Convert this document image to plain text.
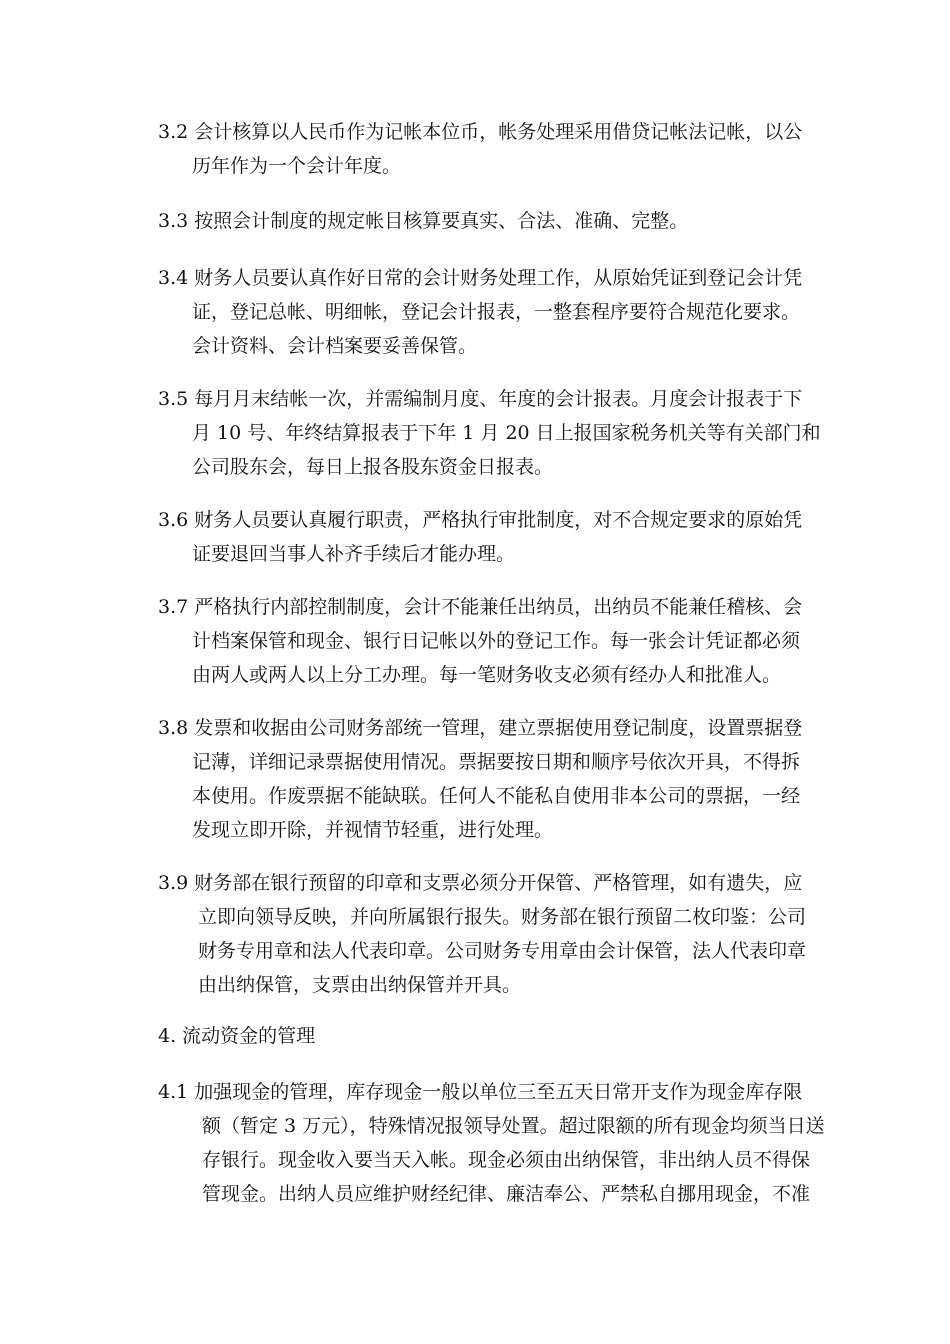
3.2 会计核算以人民币作为记帐本位币，帐务处理采用借贷记帐法记帐，以公
历年作为一个会计年度。
3.3 按照会计制度的规定帐目核算要真实、合法、准确、完整。
3.4 财务人员要认真作好日常的会计财务处理工作，从原始凭证到登记会计凭
证，登记总帐、明细帐，登记会计报表，一整套程序要符合规范化要求。
会计资料、会计档案要妥善保管。
3.5 每月月末结帐一次，并需编制月度、年度的会计报表。月度会计报表于下
月 10 号、年终结算报表于下年 1 月 20 日上报国家税务机关等有关部门和
公司股东会，每日上报各股东资金日报表。
3.6 财务人员要认真履行职责，严格执行审批制度，对不合规定要求的原始凭
证要退回当事人补齐手续后才能办理。
3.7 严格执行内部控制制度，会计不能兼任出纳员，出纳员不能兼任稽核、会
计档案保管和现金、银行日记帐以外的登记工作。每一张会计凭证都必须
由两人或两人以上分工办理。每一笔财务收支必须有经办人和批准人。
3.8 发票和收据由公司财务部统一管理，建立票据使用登记制度，设置票据登
记薄，详细记录票据使用情况。票据要按日期和顺序号依次开具，不得拆
本使用。作废票据不能缺联。任何人不能私自使用非本公司的票据，一经
发现立即开除，并视情节轻重，进行处理。
3.9 财务部在银行预留的印章和支票必须分开保管、严格管理，如有遗失，应
立即向领导反映，并向所属银行报失。财务部在银行预留二枚印鉴：公司
财务专用章和法人代表印章。公司财务专用章由会计保管，法人代表印章
由出纳保管，支票由出纳保管并开具。
4. 流动资金的管理
4.1 加强现金的管理，库存现金一般以单位三至五天日常开支作为现金库存限
额（暂定 3 万元），特殊情况报领导处置。超过限额的所有现金均须当日送
存银行。现金收入要当天入帐。现金必须由出纳保管，非出纳人员不得保
管现金。出纳人员应维护财经纪律、廉洁奉公、严禁私自挪用现金，不准
